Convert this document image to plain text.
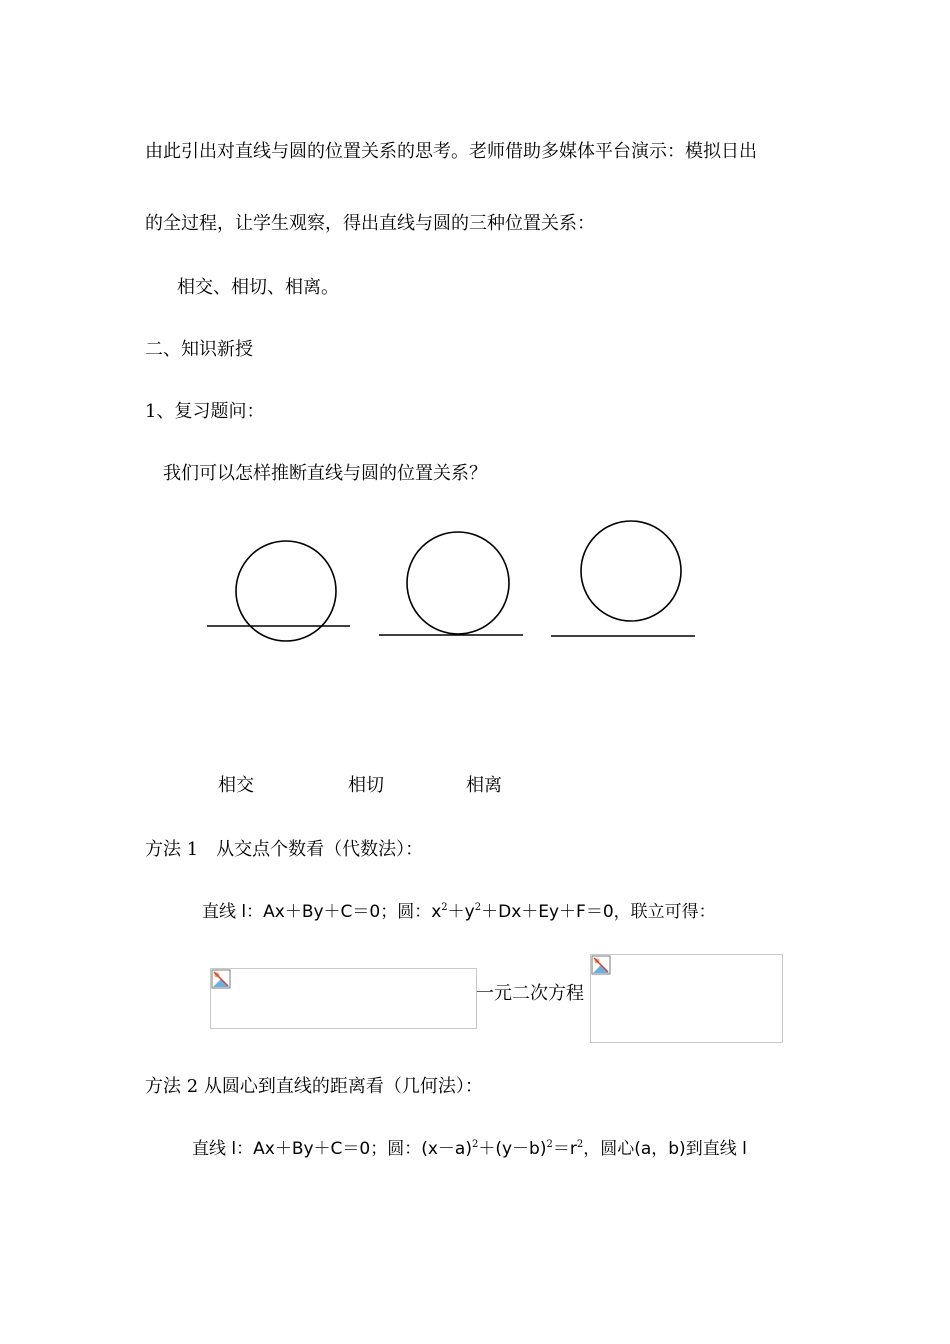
由此引出对直线与圆的位置关系的思考。老师借助多媒体平台演示：模拟日出
的全过程，让学生观察，得出直线与圆的三种位置关系：
相交、相切、相离。
二、知识新授
1、复习题问：
我们可以怎样推断直线与圆的位置关系？
相交	相切	相离
方法 1　从交点个数看（代数法）：
直线 l：Ax＋By＋C＝0；圆：$x^2+y^2+Dx+Ey+F=0$，联立可得：
一元二次方程
方法 2 从圆心到直线的距离看（几何法）：
直线 l：Ax＋By＋C＝0；圆：$(x-a)^2+(y-b)^2=r^2$，圆心(a，b)到直线 l
